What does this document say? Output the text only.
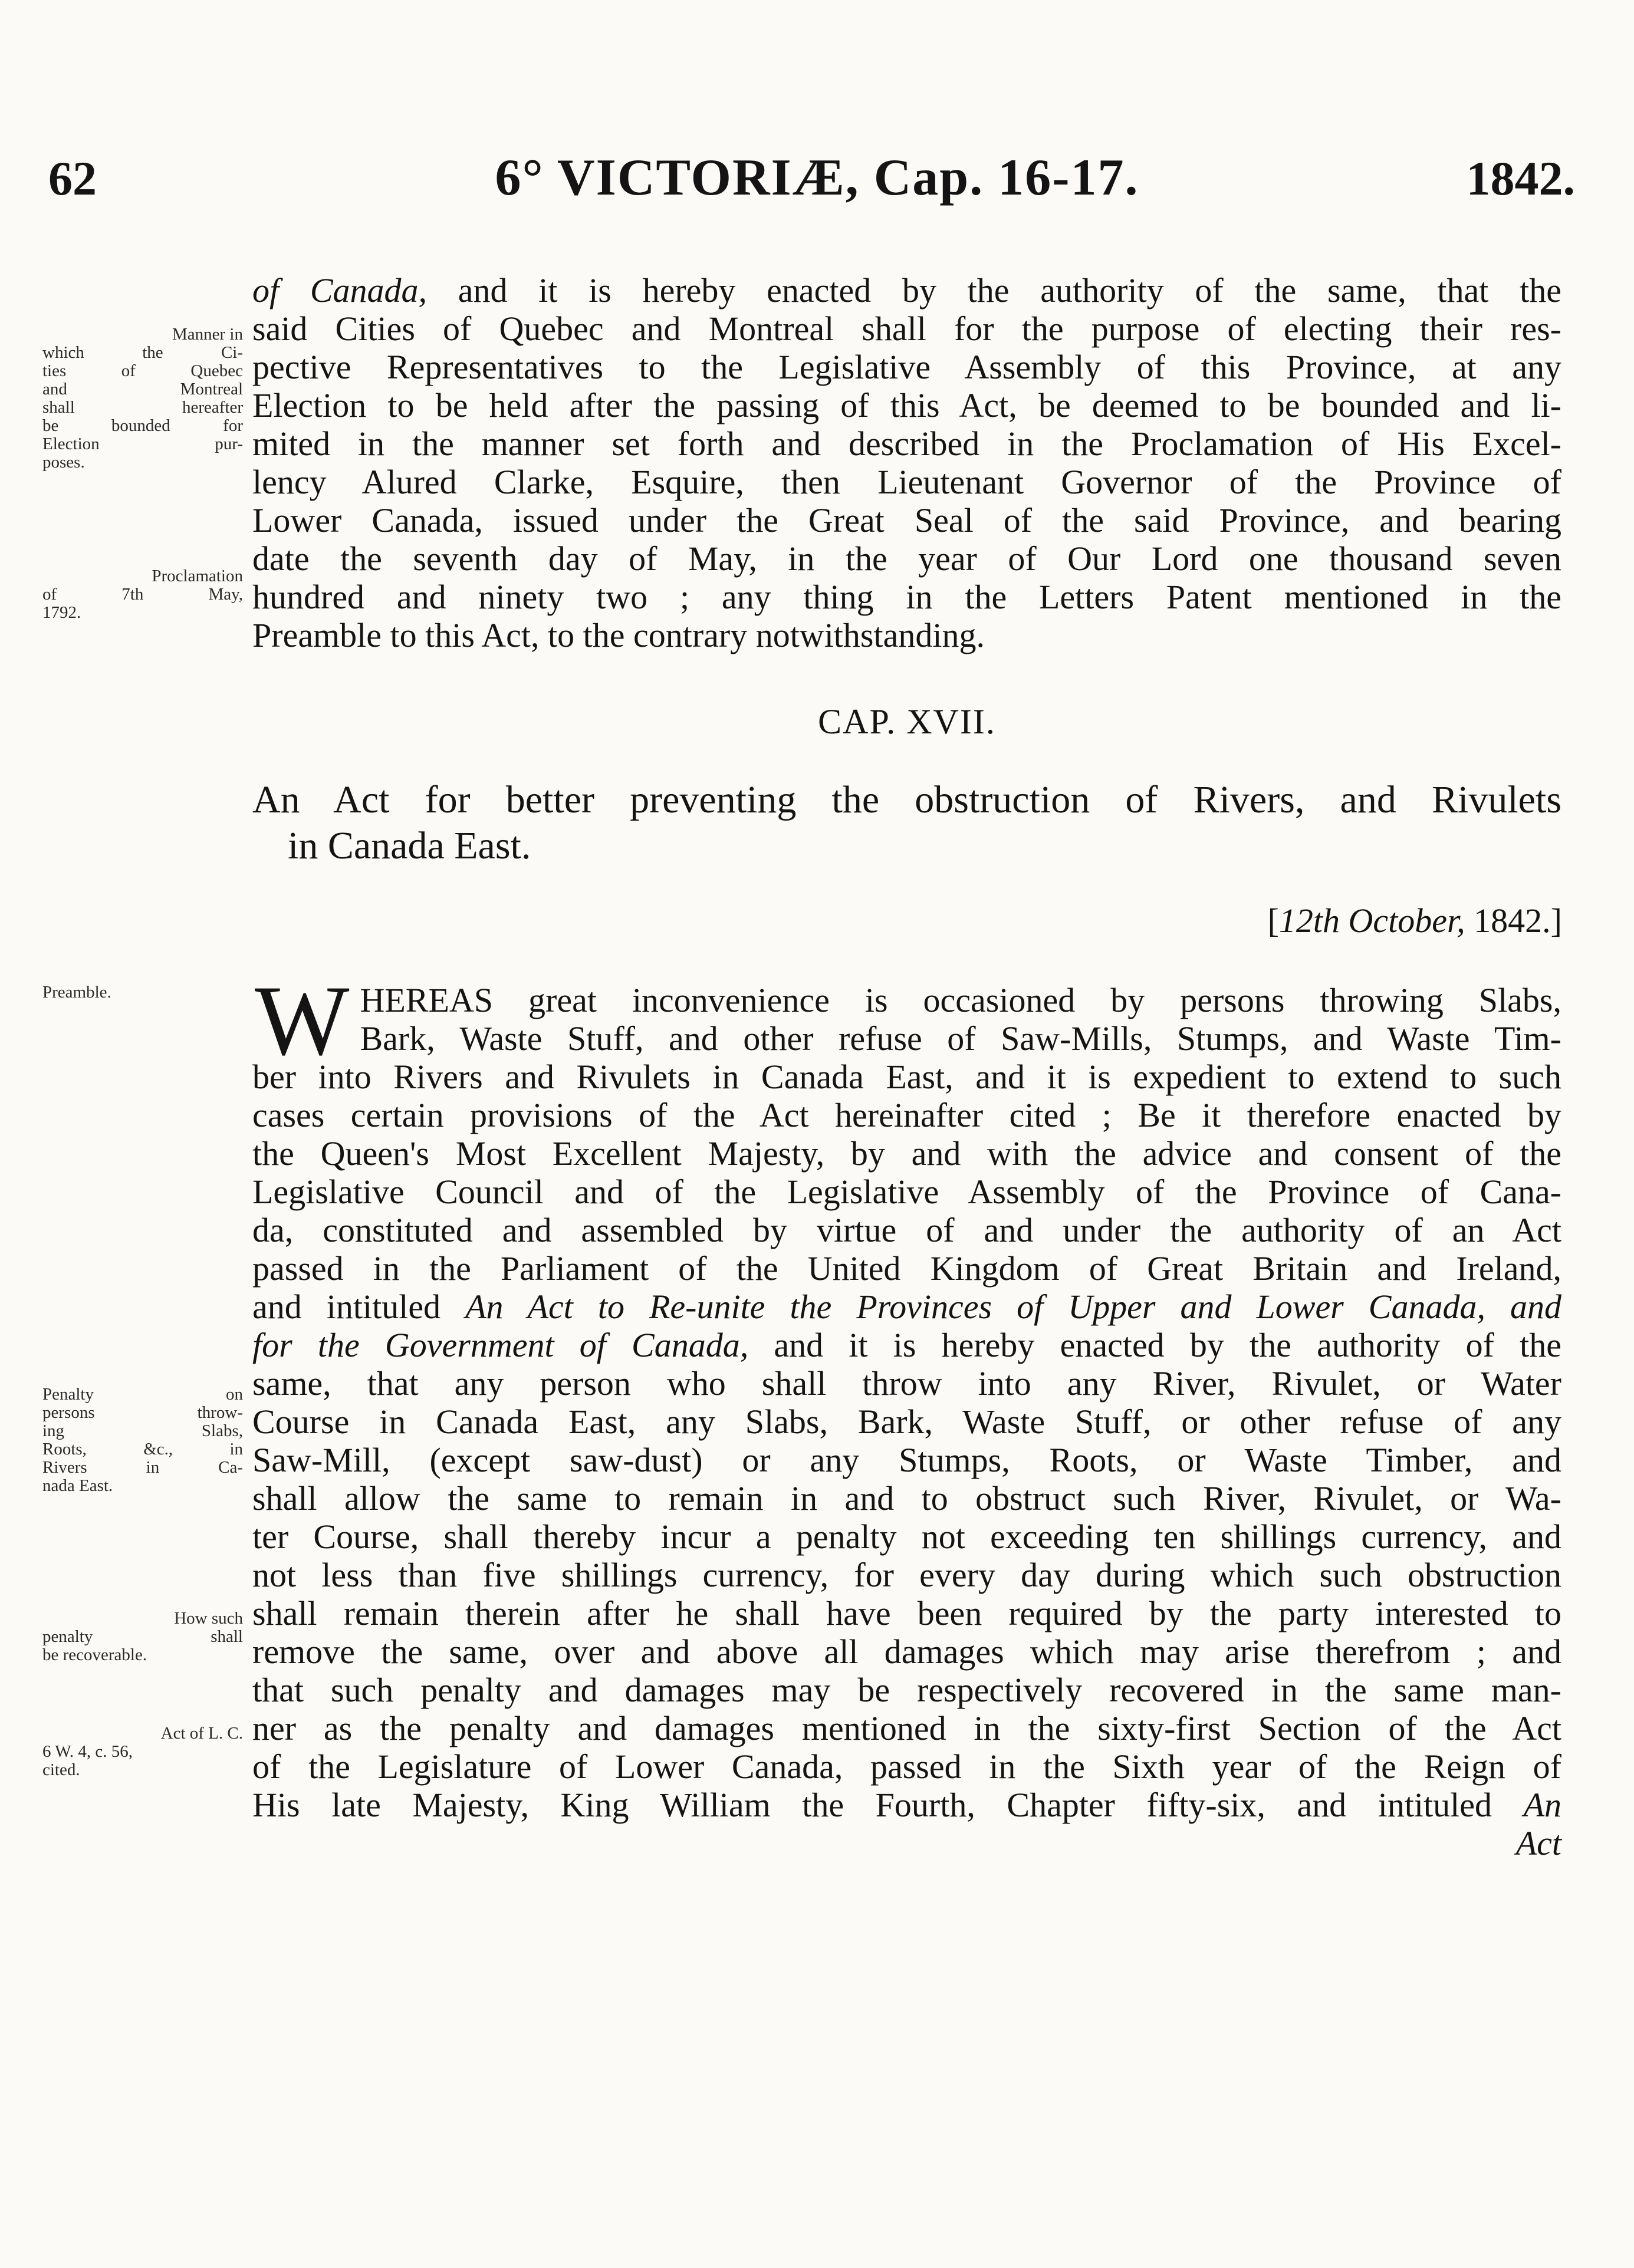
62	6° VICTORIÆ, Cap. 16-17.	1842.
Manner in
which the Ci-
ties of Quebec
and Montreal
shall hereafter
be bounded for
Election pur-
poses.
Proclamation
of 7th May,
1792.
Preamble.
Penalty on
persons throw-
ing Slabs,
Roots, &c., in
Rivers in Ca-
nada East.
How such
penalty shall
be recoverable.
Act of L. C.
6 W. 4, c. 56,
cited.
of Canada, and it is hereby enacted by the authority of the same, that the
said Cities of Quebec and Montreal shall for the purpose of electing their res-
pective Representatives to the Legislative Assembly of this Province, at any
Election to be held after the passing of this Act, be deemed to be bounded and li-
mited in the manner set forth and described in the Proclamation of His Excel-
lency Alured Clarke, Esquire, then Lieutenant Governor of the Province of
Lower Canada, issued under the Great Seal of the said Province, and bearing
date the seventh day of May, in the year of Our Lord one thousand seven
hundred and ninety two ; any thing in the Letters Patent mentioned in the
Preamble to this Act, to the contrary notwithstanding.
CAP. XVII.
An Act for better preventing the obstruction of Rivers, and Rivulets
in Canada East.
[12th October, 1842.]
W HEREAS great inconvenience is occasioned by persons throwing Slabs,
Bark, Waste Stuff, and other refuse of Saw-Mills, Stumps, and Waste Tim-
ber into Rivers and Rivulets in Canada East, and it is expedient to extend to such
cases certain provisions of the Act hereinafter cited ; Be it therefore enacted by
the Queen's Most Excellent Majesty, by and with the advice and consent of the
Legislative Council and of the Legislative Assembly of the Province of Cana-
da, constituted and assembled by virtue of and under the authority of an Act
passed in the Parliament of the United Kingdom of Great Britain and Ireland,
and intituled An Act to Re-unite the Provinces of Upper and Lower Canada, and
for the Government of Canada, and it is hereby enacted by the authority of the
same, that any person who shall throw into any River, Rivulet, or Water
Course in Canada East, any Slabs, Bark, Waste Stuff, or other refuse of any
Saw-Mill, (except saw-dust) or any Stumps, Roots, or Waste Timber, and
shall allow the same to remain in and to obstruct such River, Rivulet, or Wa-
ter Course, shall thereby incur a penalty not exceeding ten shillings currency, and
not less than five shillings currency, for every day during which such obstruction
shall remain therein after he shall have been required by the party interested to
remove the same, over and above all damages which may arise therefrom ; and
that such penalty and damages may be respectively recovered in the same man-
ner as the penalty and damages mentioned in the sixty-first Section of the Act
of the Legislature of Lower Canada, passed in the Sixth year of the Reign of
His late Majesty, King William the Fourth, Chapter fifty-six, and intituled An
Act
